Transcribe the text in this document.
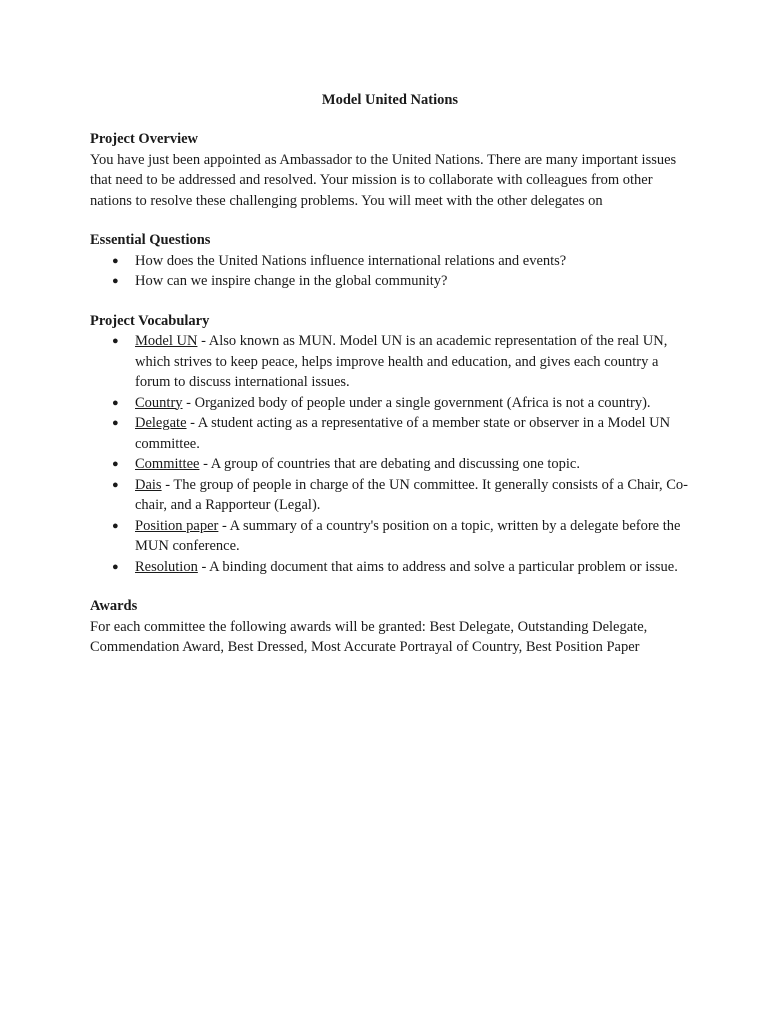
Model United Nations

Project Overview

You have just been appointed as Ambassador to the United Nations. There are many important issues that need to be addressed and resolved. Your mission is to collaborate with colleagues from other nations to resolve these challenging problems. You will meet with the other delegates on

Essential Questions

● How does the United Nations influence international relations and events?
● How can we inspire change in the global community?

Project Vocabulary

● Model UN - Also known as MUN. Model UN is an academic representation of the real UN, which strives to keep peace, helps improve health and education, and gives each country a forum to discuss international issues.
● Country - Organized body of people under a single government (Africa is not a country).
● Delegate - A student acting as a representative of a member state or observer in a Model UN committee.
● Committee - A group of countries that are debating and discussing one topic.
● Dais - The group of people in charge of the UN committee. It generally consists of a Chair, Co-chair, and a Rapporteur (Legal).
● Position paper - A summary of a country's position on a topic, written by a delegate before the MUN conference.
● Resolution - A binding document that aims to address and solve a particular problem or issue.

Awards

For each committee the following awards will be granted: Best Delegate, Outstanding Delegate, Commendation Award, Best Dressed, Most Accurate Portrayal of Country, Best Position Paper
